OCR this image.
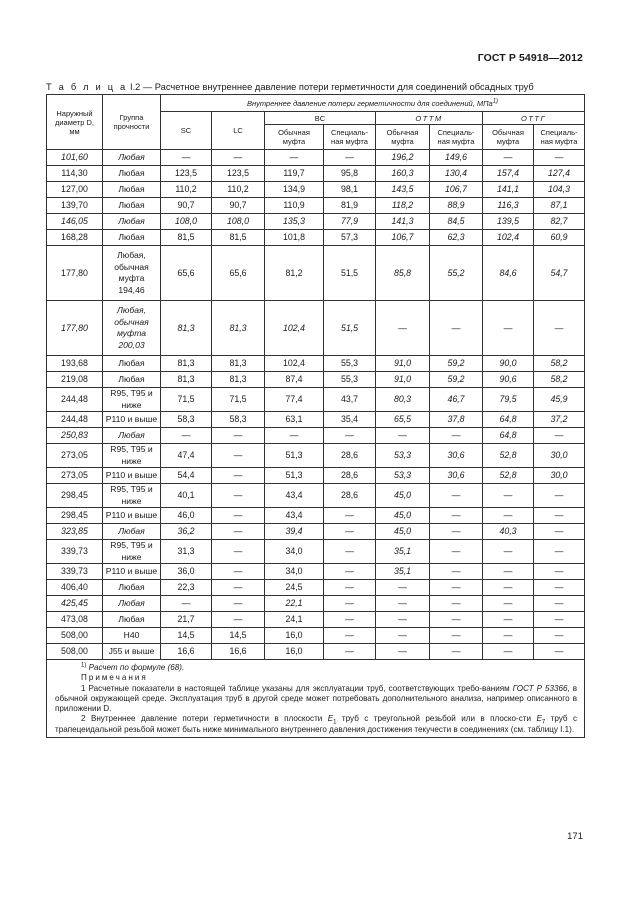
ГОСТ Р 54918—2012
Т а б л и ц а I.2 — Расчетное внутреннее давление потери герметичности для соединений обсадных труб
Наружный диаметр D, мм	Группа прочности	Внутреннее давление потери герметичности для соединений, МПа$^{1)}$
		SC	LC	BC		ОТТМ		ОТТГ	
				Обычная муфта	Специаль-ная муфта	Обычная муфта	Специаль-ная муфта	Обычная муфта	Специаль-ная муфта
101,60	Любая	—	—	—	—	196,2	149,6	—	—
114,30	Любая	123,5	123,5	119,7	95,8	160,3	130,4	157,4	127,4
127,00	Любая	110,2	110,2	134,9	98,1	143,5	106,7	141,1	104,3
139,70	Любая	90,7	90,7	110,9	81,9	118,2	88,9	116,3	87,1
146,05	Любая	108,0	108,0	135,3	77,9	141,3	84,5	139,5	82,7
168,28	Любая	81,5	81,5	101,8	57,3	106,7	62,3	102,4	60,9
177,80	Любая, обычная муфта 194,46	65,6	65,6	81,2	51,5	85,8	55,2	84,6	54,7
177,80	Любая, обычная муфта 200,03	81,3	81,3	102,4	51,5	—	—	—	—
193,68	Любая	81,3	81,3	102,4	55,3	91,0	59,2	90,0	58,2
219,08	Любая	81,3	81,3	87,4	55,3	91,0	59,2	90,6	58,2
244,48	R95, T95 и ниже	71,5	71,5	77,4	43,7	80,3	46,7	79,5	45,9
244,48	P110 и выше	58,3	58,3	63,1	35,4	65,5	37,8	64,8	37,2
250,83	Любая	—	—	—	—	—	—	64,8	—
273,05	R95, T95 и ниже	47,4	—	51,3	28,6	53,3	30,6	52,8	30,0
273,05	P110 и выше	54,4	—	51,3	28,6	53,3	30,6	52,8	30,0
298,45	R95, T95 и ниже	40,1	—	43,4	28,6	45,0	—	—	—
298,45	P110 и выше	46,0	—	43,4	—	45,0	—	—	—
323,85	Любая	36,2	—	39,4	—	45,0	—	40,3	—
339,73	R95, T95 и ниже	31,3	—	34,0	—	35,1	—	—	—
339,73	P110 и выше	36,0	—	34,0	—	35,1	—	—	—
406,40	Любая	22,3	—	24,5	—	—	—	—	—
425,45	Любая	—	—	22,1	—	—	—	—	—
473,08	Любая	21,7	—	24,1	—	—	—	—	—
508,00	H40	14,5	14,5	16,0	—	—	—	—	—
508,00	J55 и выше	16,6	16,6	16,0	—	—	—	—	—

$^{1)}$ Расчет по формуле (68).

Примечания

1 Расчетные показатели в настоящей таблице указаны для эксплуатации труб, соответствующих требо-ваниям ГОСТ Р 53366, в обычной окружающей среде. Эксплуатация труб в другой среде может потребовать дополнительного анализа, например описанного в приложении D.

2 Внутреннее давление потери герметичности в плоскости $E_1$ труб с треугольной резьбой или в плоско-сти $E_7$ труб с трапецеидальной резьбой может быть ниже минимального внутреннего давления достижения текучести в соединениях (см. таблицу I.1).									

171
